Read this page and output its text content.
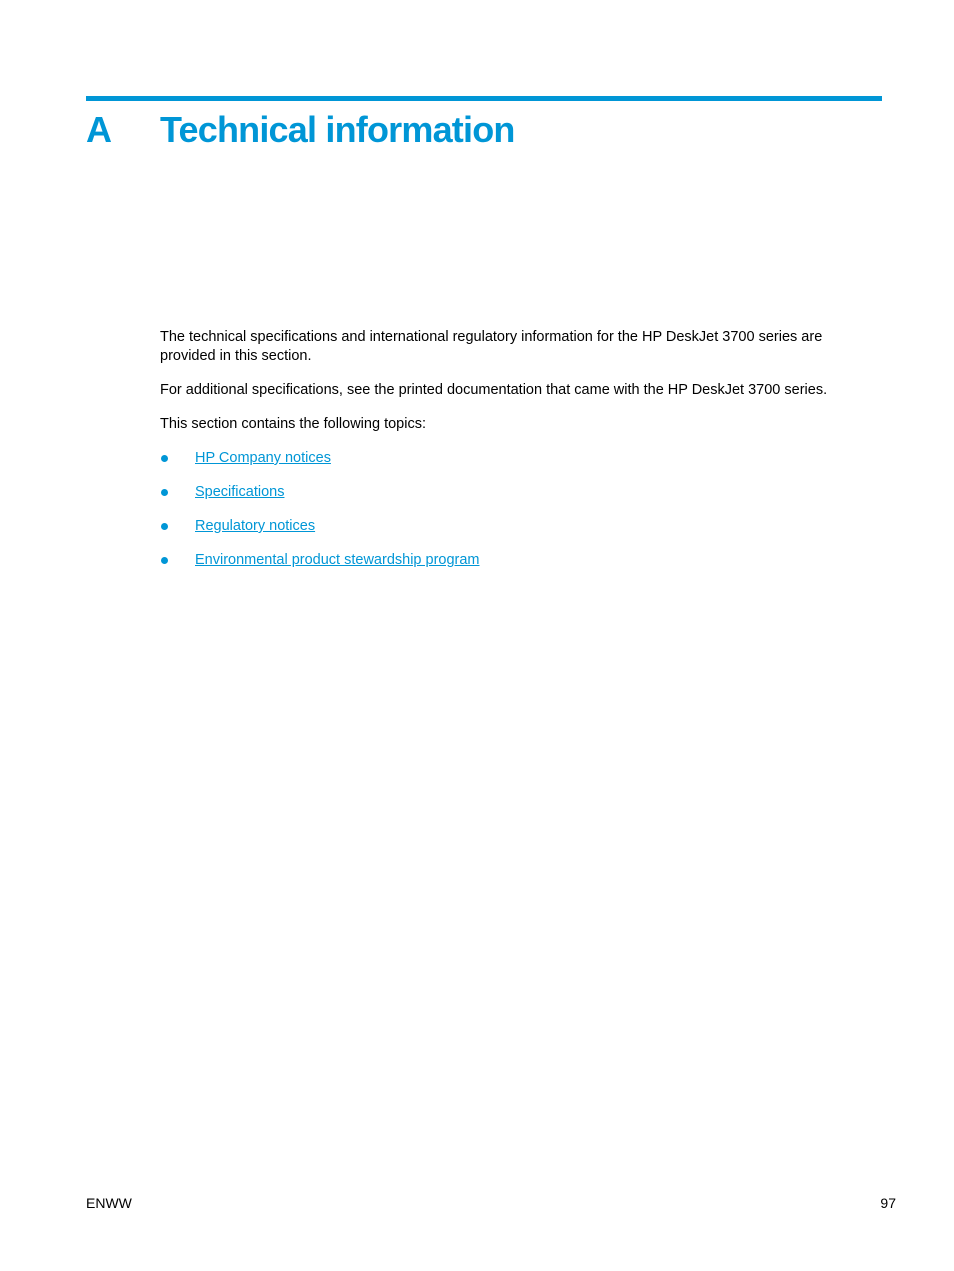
A Technical information

The technical specifications and international regulatory information for the HP DeskJet 3700 series are provided in this section.

For additional specifications, see the printed documentation that came with the HP DeskJet 3700 series.

This section contains the following topics:

HP Company notices
Specifications
Regulatory notices
Environmental product stewardship program
ENWW	97
